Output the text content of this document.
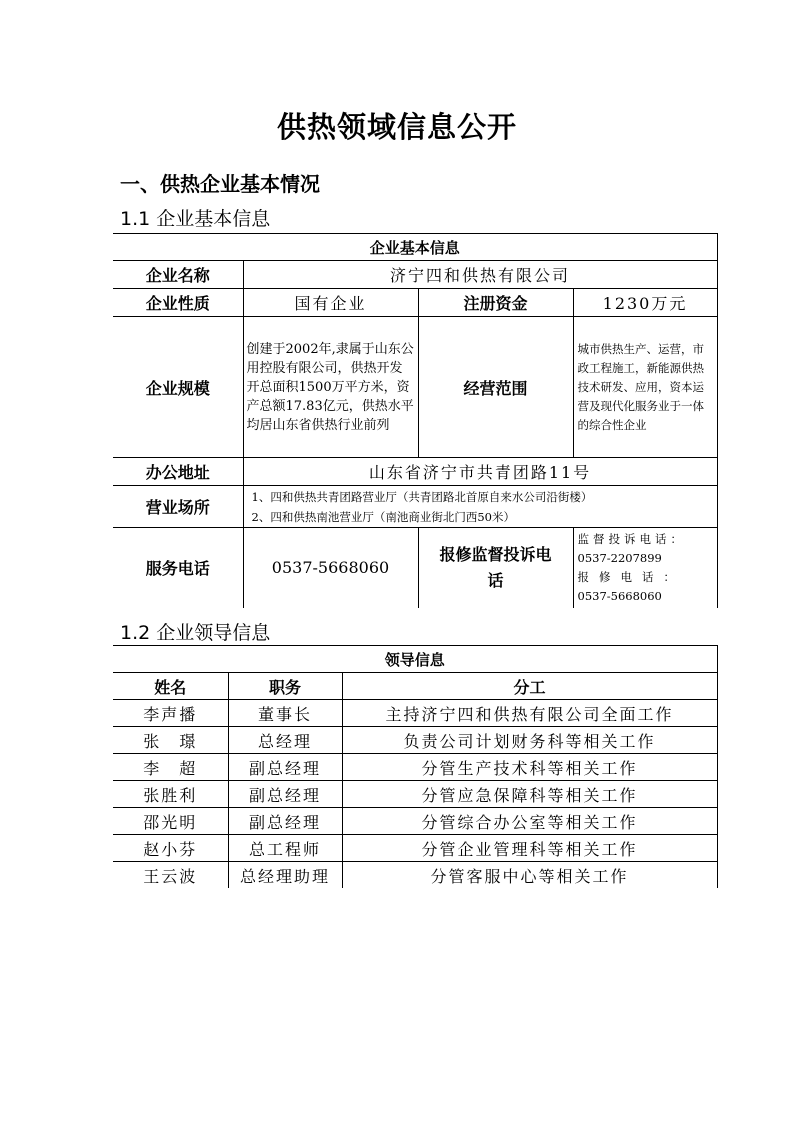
供热领域信息公开
一、供热企业基本情况
1.1 企业基本信息
企业基本信息			
企业名称	济宁四和供热有限公司		
企业性质	国有企业	注册资金	1230万元
企业规模	创建于2002年,隶属于山东公用控股有限公司，供热开发开总面积1500万平方米，资产总额17.83亿元，供热水平均居山东省供热行业前列	经营范围	城市供热生产、运营，市政工程施工，新能源供热技术研发、应用，资本运营及现代化服务业于一体的综合性企业
办公地址	山东省济宁市共青团路11号		
营业场所	1、四和供热共青团路营业厅（共青团路北首原自来水公司沿街楼）
2、四和供热南池营业厅（南池商业街北门西50米）		

服务电话	0537-5668060	报修监督投诉电话	监督投诉电话：
0537-2207899
报修电话：
0537-5668060
1.2 企业领导信息
领导信息		
姓名	职务	分工
李声播	董事长	主持济宁四和供热有限公司全面工作
张　璟	总经理	负责公司计划财务科等相关工作
李　超	副总经理	分管生产技术科等相关工作
张胜利	副总经理	分管应急保障科等相关工作
邵光明	副总经理	分管综合办公室等相关工作
赵小芬	总工程师	分管企业管理科等相关工作
王云波	总经理助理	分管客服中心等相关工作
